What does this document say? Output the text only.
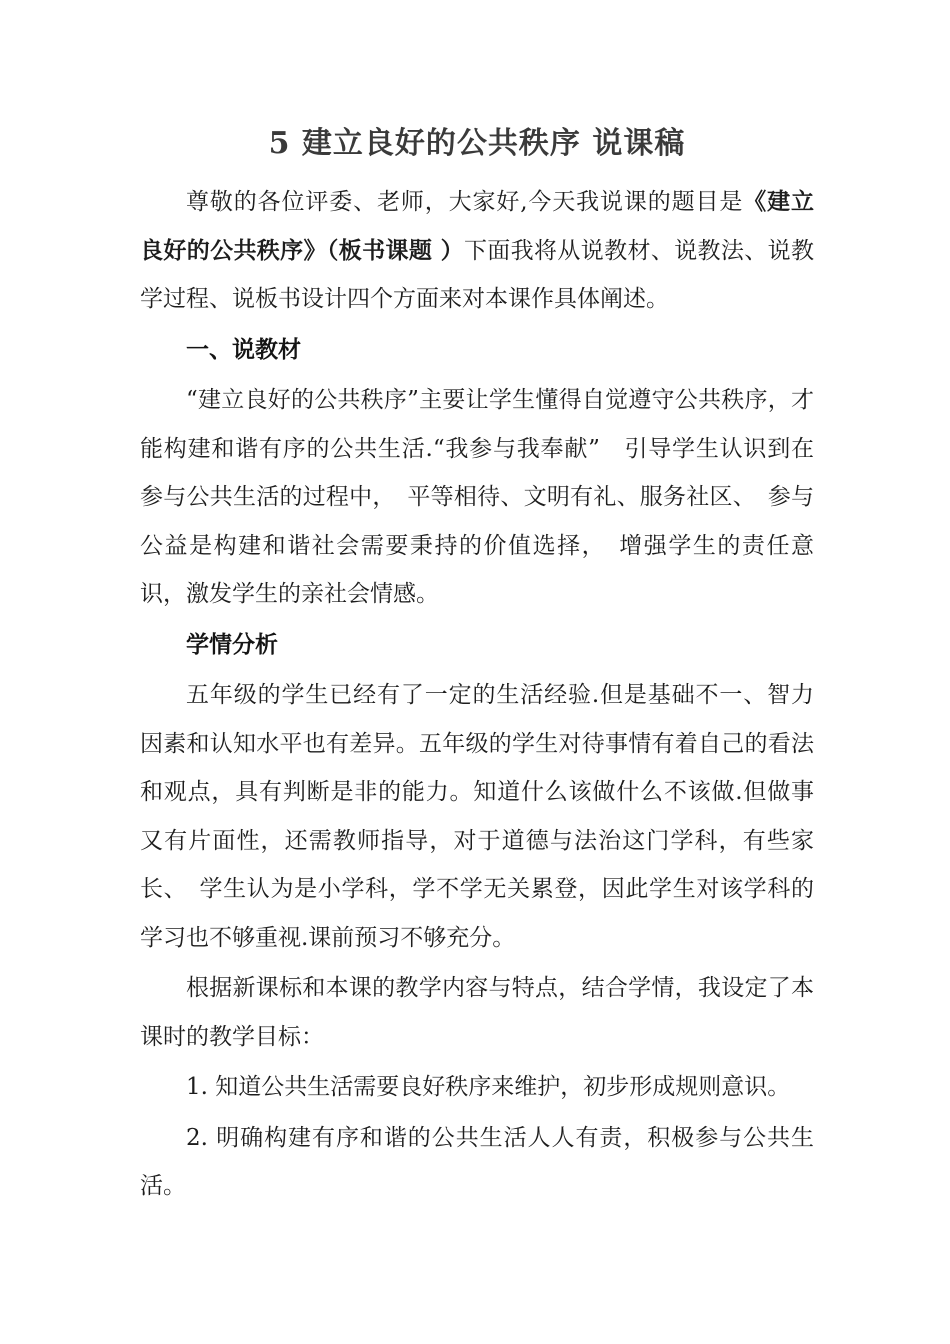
5 建立良好的公共秩序 说课稿

尊敬的各位评委、老师，大家好,今天我说课的题目是《建立良好的公共秩序》（板书课题 ）下面我将从说教材、说教法、说教学过程、说板书设计四个方面来对本课作具体阐述。

一、说教材

“建立良好的公共秩序”主要让学生懂得自觉遵守公共秩序，才能构建和谐有序的公共生活.“我参与我奉献”　引导学生认识到在参与公共生活的过程中，　平等相待、文明有礼、服务社区、　参与公益是构建和谐社会需要秉持的价值选择，　增强学生的责任意识，激发学生的亲社会情感。

学情分析

五年级的学生已经有了一定的生活经验.但是基础不一、智力因素和认知水平也有差异。五年级的学生对待事情有着自己的看法和观点，具有判断是非的能力。知道什么该做什么不该做.但做事又有片面性，还需教师指导，对于道德与法治这门学科，有些家长、　学生认为是小学科，学不学无关累登，因此学生对该学科的学习也不够重视.课前预习不够充分。

根据新课标和本课的教学内容与特点，结合学情，我设定了本课时的教学目标：

1. 知道公共生活需要良好秩序来维护，初步形成规则意识。

2. 明确构建有序和谐的公共生活人人有责，积极参与公共生活。
